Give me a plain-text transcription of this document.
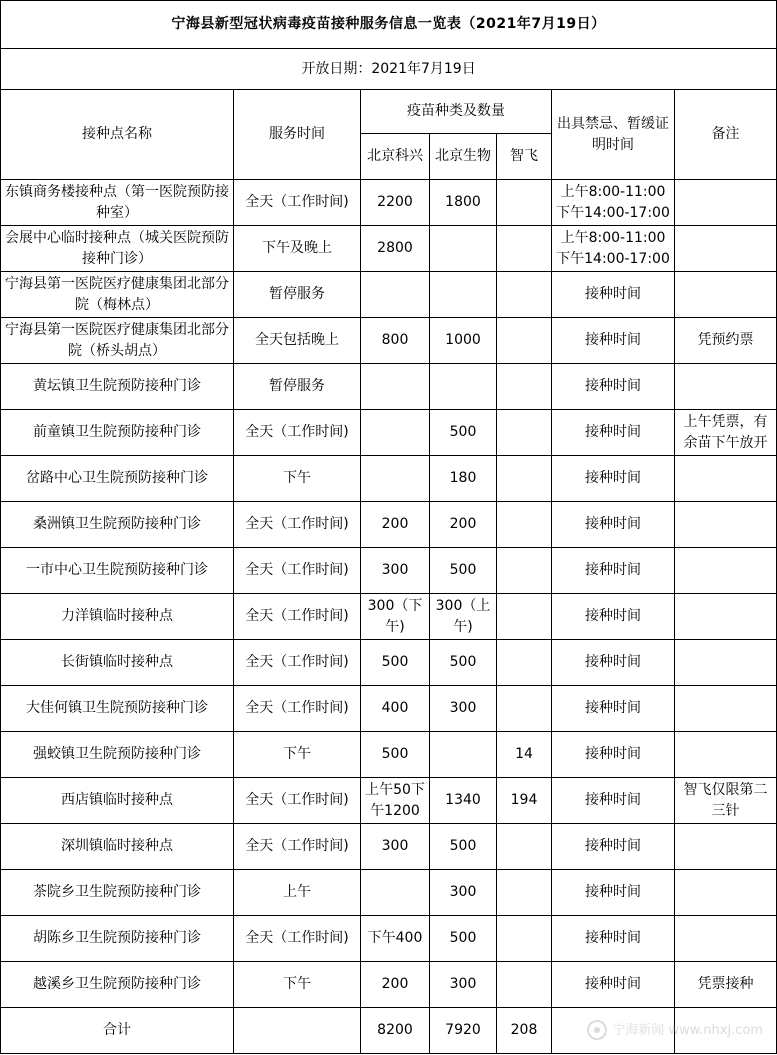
宁海县新型冠状病毒疫苗接种服务信息一览表（2021年7月19日）						
开放日期：2021年7月19日						
接种点名称	服务时间	疫苗种类及数量			出具禁忌、暂缓证明时间	备注
		北京科兴	北京生物	智飞		
东镇商务楼接种点（第一医院预防接种室）	全天（工作时间)	2200	1800		上午8:00-11:00下午14:00-17:00	
会展中心临时接种点（城关医院预防接种门诊）	下午及晚上	2800			上午8:00-11:00下午14:00-17:00	
宁海县第一医院医疗健康集团北部分院（梅林点）	暂停服务				接种时间	
宁海县第一医院医疗健康集团北部分院（桥头胡点）	全天包括晚上	800	1000		接种时间	凭预约票
黄坛镇卫生院预防接种门诊	暂停服务				接种时间	
前童镇卫生院预防接种门诊	全天（工作时间)		500		接种时间	上午凭票，有余苗下午放开
岔路中心卫生院预防接种门诊	下午		180		接种时间	
桑洲镇卫生院预防接种门诊	全天（工作时间)	200	200		接种时间	
一市中心卫生院预防接种门诊	全天（工作时间)	300	500		接种时间	
力洋镇临时接种点	全天（工作时间)	300（下午)	300（上午)		接种时间	
长街镇临时接种点	全天（工作时间)	500	500		接种时间	
大佳何镇卫生院预防接种门诊	全天（工作时间)	400	300		接种时间	
强蛟镇卫生院预防接种门诊	下午	500		14	接种时间	
西店镇临时接种点	全天（工作时间)	上午50下午1200	1340	194	接种时间	智飞仅限第二三针
深圳镇临时接种点	全天（工作时间)	300	500		接种时间	
茶院乡卫生院预防接种门诊	上午		300		接种时间	
胡陈乡卫生院预防接种门诊	全天（工作时间)	下午400	500		接种时间	
越溪乡卫生院预防接种门诊	下午	200	300		接种时间	凭票接种
合计		8200	7920	208			宁海新闻 www.nhxj.com
